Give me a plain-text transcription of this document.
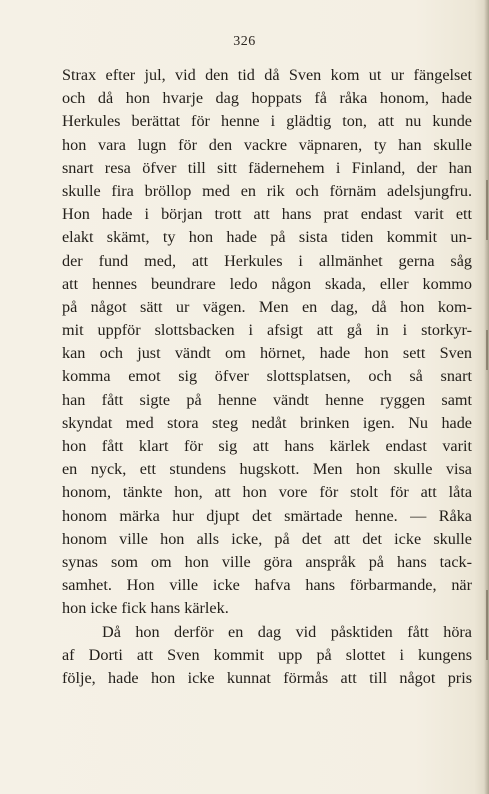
326
Strax efter jul, vid den tid då Sven kom ut ur fängelset
och då hon hvarje dag hoppats få råka honom, hade
Herkules berättat för henne i glädtig ton, att nu kunde
hon vara lugn för den vackre väpnaren, ty han skulle
snart resa öfver till sitt fädernehem i Finland, der han
skulle fira bröllop med en rik och förnäm adelsjungfru.
Hon hade i början trott att hans prat endast varit ett
elakt skämt, ty hon hade på sista tiden kommit un-
der fund med, att Herkules i allmänhet gerna såg
att hennes beundrare ledo någon skada, eller kommo
på något sätt ur vägen. Men en dag, då hon kom-
mit uppför slottsbacken i afsigt att gå in i storkyr-
kan och just vändt om hörnet, hade hon sett Sven
komma emot sig öfver slottsplatsen, och så snart
han fått sigte på henne vändt henne ryggen samt
skyndat med stora steg nedåt brinken igen. Nu hade
hon fått klart för sig att hans kärlek endast varit
en nyck, ett stundens hugskott. Men hon skulle visa
honom, tänkte hon, att hon vore för stolt för att låta
honom märka hur djupt det smärtade henne. — Råka
honom ville hon alls icke, på det att det icke skulle
synas som om hon ville göra anspråk på hans tack-
samhet. Hon ville icke hafva hans förbarmande, när
hon icke fick hans kärlek.
Då hon derför en dag vid påsktiden fått höra
af Dorti att Sven kommit upp på slottet i kungens
följe, hade hon icke kunnat förmås att till något pris
